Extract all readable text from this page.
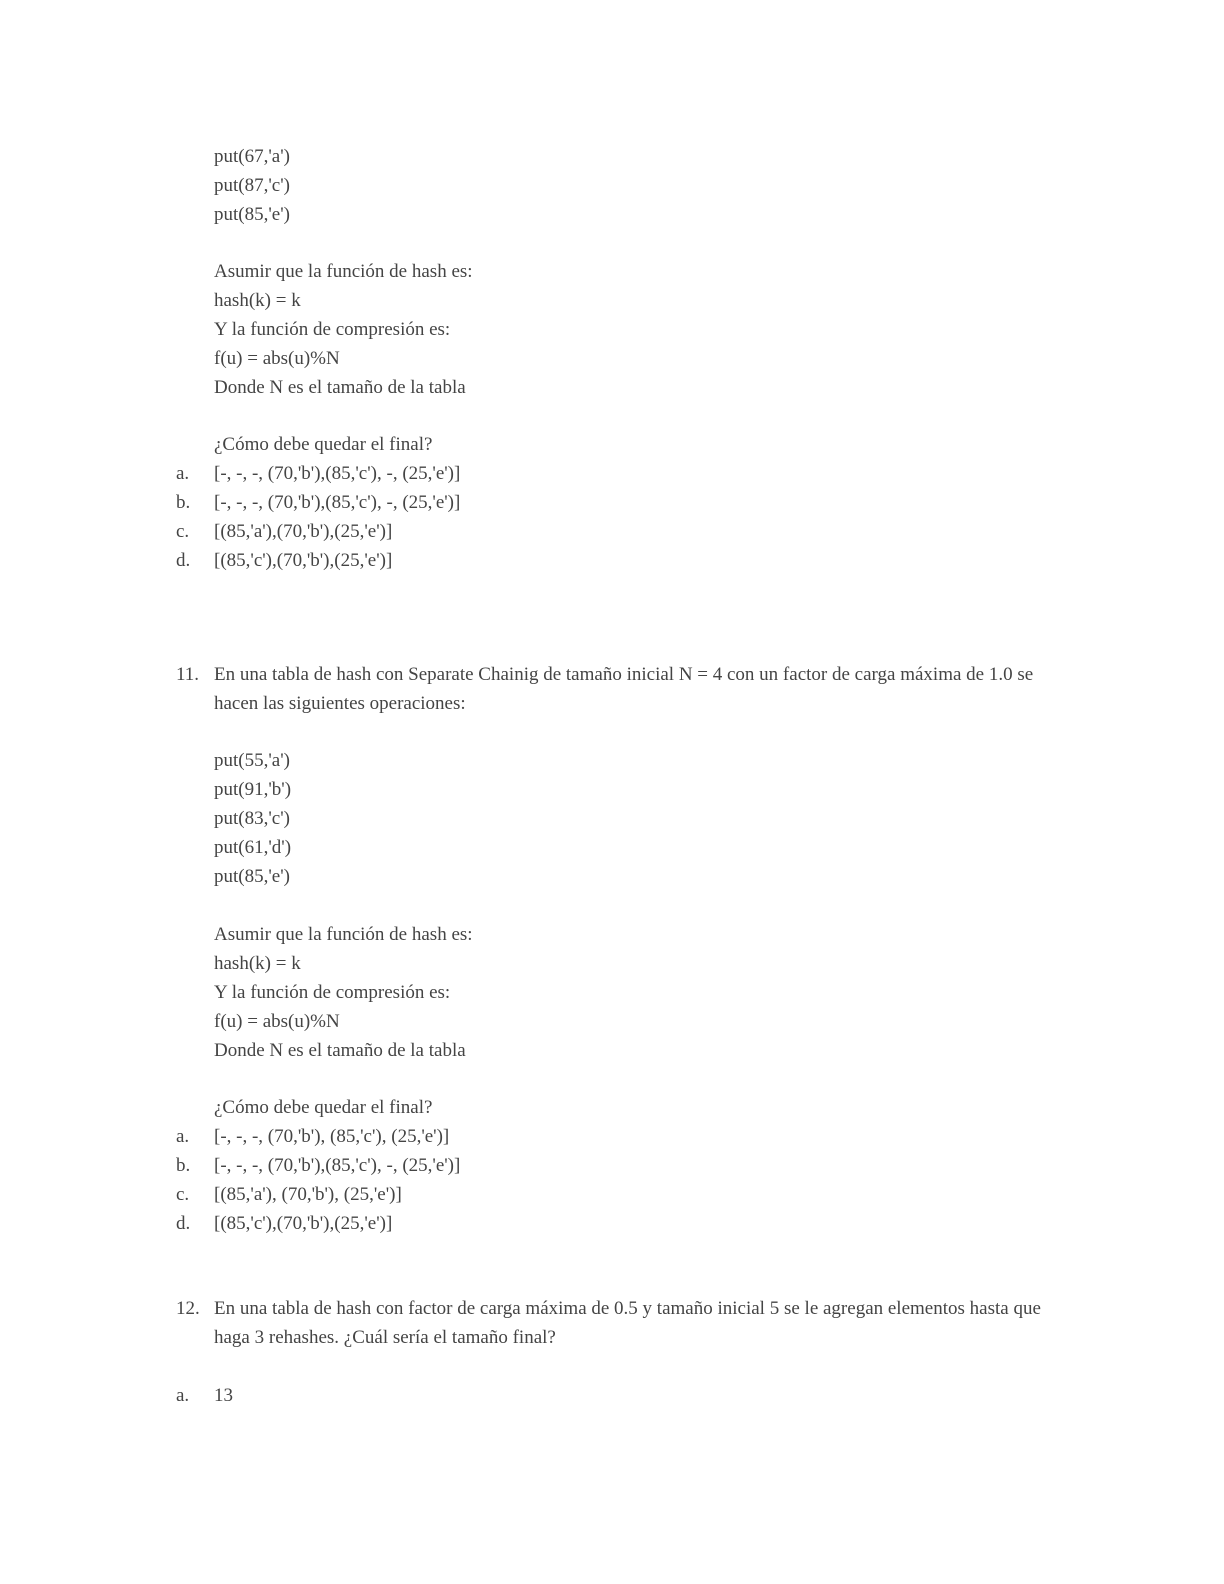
put(67,'a')
put(87,'c')
put(85,'e')
Asumir que la función de hash es:
hash(k) = k
Y la función de compresión es:
f(u) = abs(u)%N
Donde N es el tamaño de la tabla
¿Cómo debe quedar el final?
a. [-, -, -, (70,'b'),(85,'c'), -, (25,'e')]
b. [-, -, -, (70,'b'),(85,'c'), -, (25,'e')]
c. [(85,'a'),(70,'b'),(25,'e')]
d. [(85,'c'),(70,'b'),(25,'e')]
11. En una tabla de hash con Separate Chainig de tamaño inicial N = 4 con un factor de carga máxima de 1.0 se hacen las siguientes operaciones:
put(55,'a')
put(91,'b')
put(83,'c')
put(61,'d')
put(85,'e')
Asumir que la función de hash es:
hash(k) = k
Y la función de compresión es:
f(u) = abs(u)%N
Donde N es el tamaño de la tabla
¿Cómo debe quedar el final?
a. [-, -, -, (70,'b'), (85,'c'), (25,'e')]
b. [-, -, -, (70,'b'),(85,'c'), -, (25,'e')]
c. [(85,'a'), (70,'b'), (25,'e')]
d. [(85,'c'),(70,'b'),(25,'e')]
12. En una tabla de hash con factor de carga máxima de 0.5 y tamaño inicial 5 se le agregan elementos hasta que haga 3 rehashes. ¿Cuál sería el tamaño final?
a. 13
